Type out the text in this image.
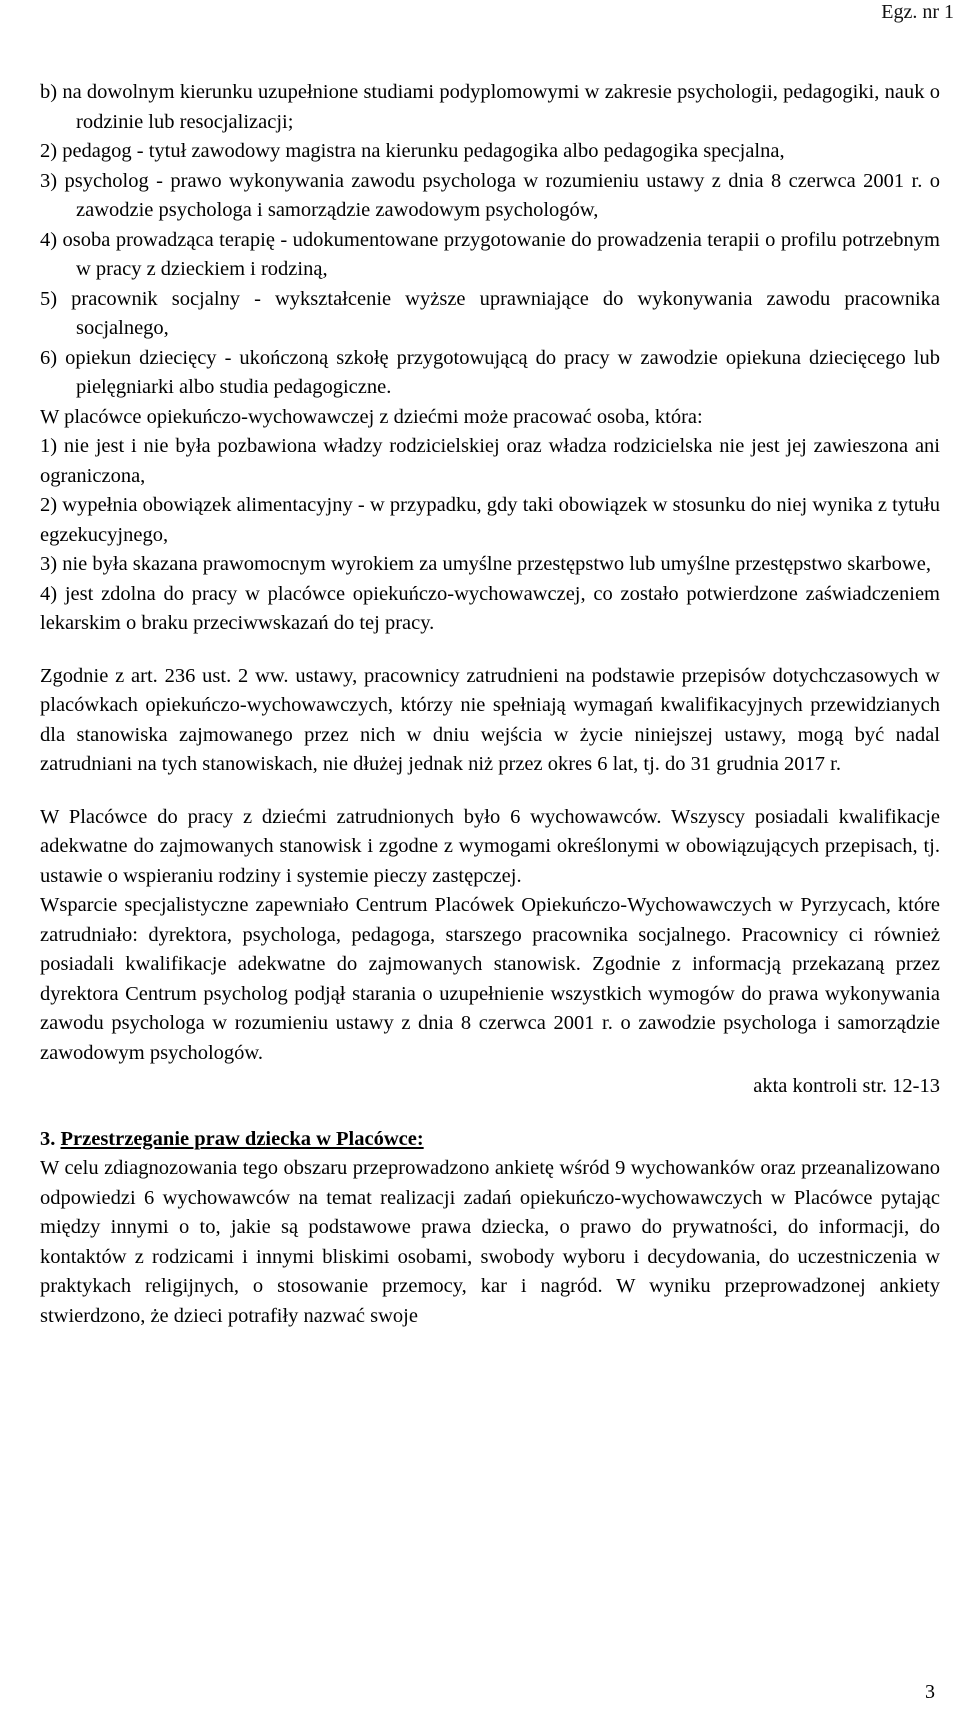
Egz. nr 1

b) na dowolnym kierunku uzupełnione studiami podyplomowymi w zakresie psychologii, pedagogiki, nauk o rodzinie lub resocjalizacji;

2) pedagog - tytuł zawodowy magistra na kierunku pedagogika albo pedagogika specjalna,

3) psycholog - prawo wykonywania zawodu psychologa w rozumieniu ustawy z dnia 8 czerwca 2001 r. o zawodzie psychologa i samorządzie zawodowym psychologów,

4) osoba prowadząca terapię - udokumentowane przygotowanie do prowadzenia terapii o profilu potrzebnym w pracy z dzieckiem i rodziną,

5) pracownik socjalny - wykształcenie wyższe uprawniające do wykonywania zawodu pracownika socjalnego,

6) opiekun dziecięcy - ukończoną szkołę przygotowującą do pracy w zawodzie opiekuna dziecięcego lub pielęgniarki albo studia pedagogiczne.

W placówce opiekuńczo-wychowawczej z dziećmi może pracować osoba, która:

1) nie jest i nie była pozbawiona władzy rodzicielskiej oraz władza rodzicielska nie jest jej zawieszona ani ograniczona,

2) wypełnia obowiązek alimentacyjny - w przypadku, gdy taki obowiązek w stosunku do niej wynika z tytułu egzekucyjnego,

3) nie była skazana prawomocnym wyrokiem za umyślne przestępstwo lub umyślne przestępstwo skarbowe,

4) jest zdolna do pracy w placówce opiekuńczo-wychowawczej, co zostało potwierdzone zaświadczeniem lekarskim o braku przeciwwskazań do tej pracy.

Zgodnie z art. 236 ust. 2 ww. ustawy, pracownicy zatrudnieni na podstawie przepisów dotychczasowych w placówkach opiekuńczo-wychowawczych, którzy nie spełniają wymagań kwalifikacyjnych przewidzianych dla stanowiska zajmowanego przez nich w dniu wejścia w życie niniejszej ustawy, mogą być nadal zatrudniani na tych stanowiskach, nie dłużej jednak niż przez okres 6 lat, tj. do 31 grudnia 2017 r.

W Placówce do pracy z dziećmi zatrudnionych było 6 wychowawców. Wszyscy posiadali kwalifikacje adekwatne do zajmowanych stanowisk i zgodne z wymogami określonymi w obowiązujących przepisach, tj. ustawie o wspieraniu rodziny i systemie pieczy zastępczej.

Wsparcie specjalistyczne zapewniało Centrum Placówek Opiekuńczo-Wychowawczych w Pyrzycach, które zatrudniało: dyrektora, psychologa, pedagoga, starszego pracownika socjalnego. Pracownicy ci również posiadali kwalifikacje adekwatne do zajmowanych stanowisk. Zgodnie z informacją przekazaną przez dyrektora Centrum psycholog podjął starania o uzupełnienie wszystkich wymogów do prawa wykonywania zawodu psychologa w rozumieniu ustawy z dnia 8 czerwca 2001 r. o zawodzie psychologa i samorządzie zawodowym psychologów.

akta kontroli str. 12-13

3. Przestrzeganie praw dziecka w Placówce:

W celu zdiagnozowania tego obszaru przeprowadzono ankietę wśród 9 wychowanków oraz przeanalizowano odpowiedzi 6 wychowawców na temat realizacji zadań opiekuńczo-wychowawczych w Placówce pytając między innymi o to, jakie są podstawowe prawa dziecka, o prawo do prywatności, do informacji, do kontaktów z rodzicami i innymi bliskimi osobami, swobody wyboru i decydowania, do uczestniczenia w praktykach religijnych, o stosowanie przemocy, kar i nagród. W wyniku przeprowadzonej ankiety stwierdzono, że dzieci potrafiły nazwać swoje

3
